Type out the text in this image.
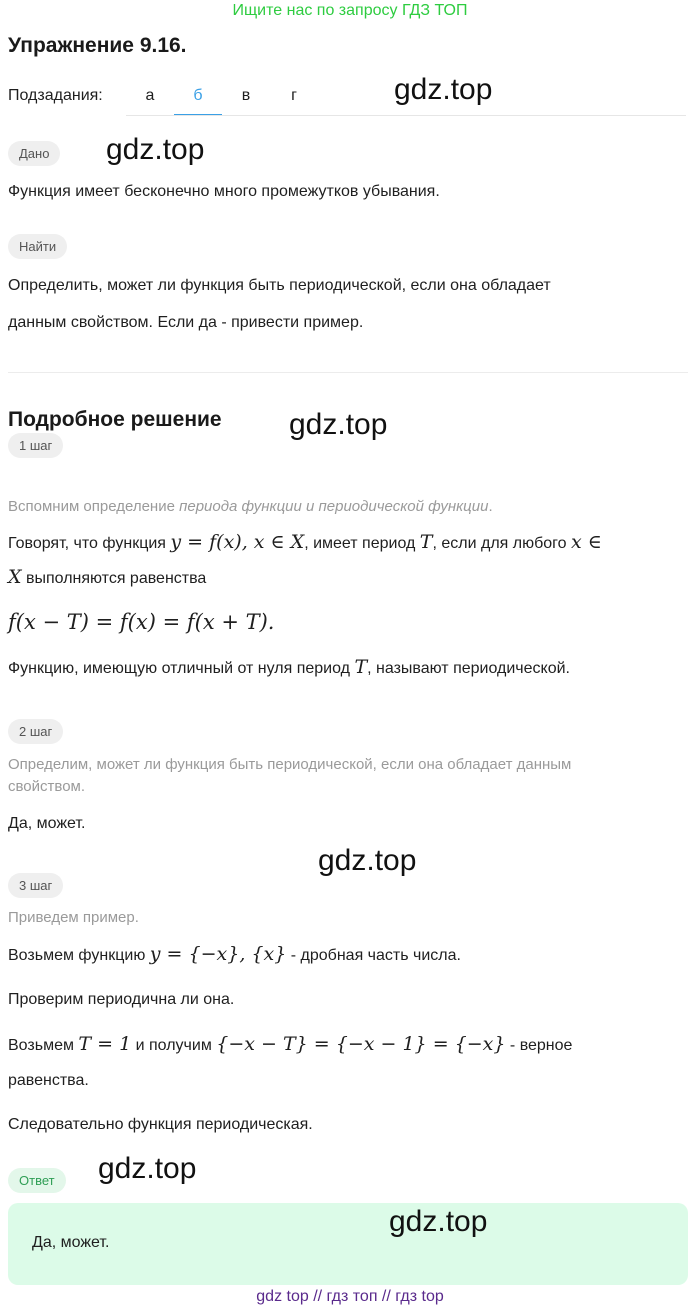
Ищите нас по запросу ГДЗ ТОП
Упражнение 9.16.
Подзадания:	а	б	в	г	gdz.top
Дано	gdz.top
Функция имеет бесконечно много промежутков убывания.
Найти
Определить, может ли функция быть периодической, если она обладает
данным свойством. Если да - привести пример.
Подробное решение gdz.top
1 шаг
Вспомним определение периода функции и периодической функции.
Говорят, что функция y = f(x), x ∈ X, имеет период T, если для любого x ∈
X выполняются равенства
f(x − T) = f(x) = f(x + T).
Функцию, имеющую отличный от нуля период T, называют периодической.
2 шаг
Определим, может ли функция быть периодической, если она обладает данным
свойством.
Да, может.
gdz.top
3 шаг
Приведем пример.
Возьмем функцию y = {−x}, {x} - дробная часть числа.
Проверим периодична ли она.
Возьмем T = 1 и получим {−x − T} = {−x − 1} = {−x} - верное
равенства.
Следовательно функция периодическая.
Ответ	gdz.top
Да, может.
gdz.top
gdz top // гдз топ // гдз top
